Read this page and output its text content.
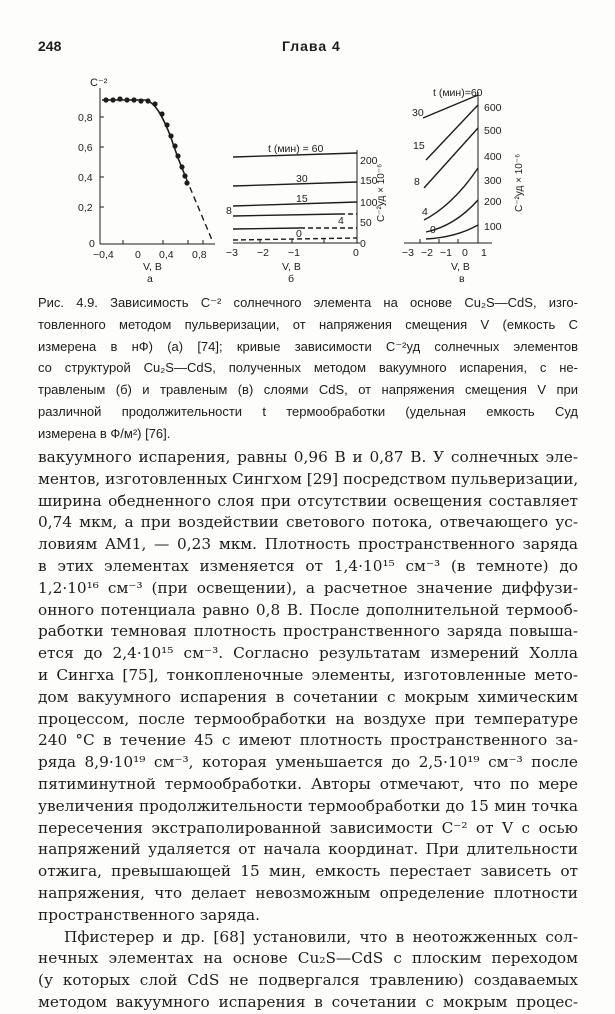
248	Глава 4
C⁻²
0,8
0,6
0,4
0,2
0
−0,4 0 0,4 0,8
V, B
а
t (мин) = 60
30
15
8
4
0
200
150
100
50
0
C⁻²уд × 10⁻⁶
−3 −2 −1	0
V, B
б
t (мин)=60
30
15
8
4
0
600
500
400
300
200
100
C⁻²уд × 10⁻⁶
−3 −2 −1 0 1
V, B
в
Рис. 4.9. Зависимость C⁻² солнечного элемента на основе Cu₂S—CdS, изго-
товленного методом пульверизации, от напряжения смещения V (емкость C
измерена в нФ) (а) [74]; кривые зависимости C⁻²уд солнечных элементов
со структурой Cu₂S—CdS, полученных методом вакуумного испарения, с не-
травленым (б) и травленым (в) слоями CdS, от напряжения смещения V при
различной продолжительности t термообработки (удельная емкость Cуд
измерена в Ф/м²) [76].
вакуумного испарения, равны 0,96 В и 0,87 В. У солнечных эле-
ментов, изготовленных Сингхом [29] посредством пульверизации,
ширина обедненного слоя при отсутствии освещения составляет
0,74 мкм, а при воздействии светового потока, отвечающего ус-
ловиям AM1, — 0,23 мкм. Плотность пространственного заряда
в этих элементах изменяется от 1,4·10¹⁵ см⁻³ (в темноте) до
1,2·10¹⁶ см⁻³ (при освещении), а расчетное значение диффузи-
онного потенциала равно 0,8 В. После дополнительной термооб-
работки темновая плотность пространственного заряда повыша-
ется до 2,4·10¹⁵ см⁻³. Согласно результатам измерений Холла
и Сингха [75], тонкопленочные элементы, изготовленные мето-
дом вакуумного испарения в сочетании с мокрым химическим
процессом, после термообработки на воздухе при температуре
240 °С в течение 45 с имеют плотность пространственного за-
ряда 8,9·10¹⁹ см⁻³, которая уменьшается до 2,5·10¹⁹ см⁻³ после
пятиминутной термообработки. Авторы отмечают, что по мере
увеличения продолжительности термообработки до 15 мин точка
пересечения экстраполированной зависимости C⁻² от V с осью
напряжений удаляется от начала координат. При длительности
отжига, превышающей 15 мин, емкость перестает зависеть от
напряжения, что делает невозможным определение плотности
пространственного заряда.
Пфистерер и др. [68] установили, что в неотожженных сол-
нечных элементах на основе Cu₂S—CdS с плоским переходом
(у которых слой CdS не подвергался травлению) создаваемых
методом вакуумного испарения в сочетании с мокрым процес-
